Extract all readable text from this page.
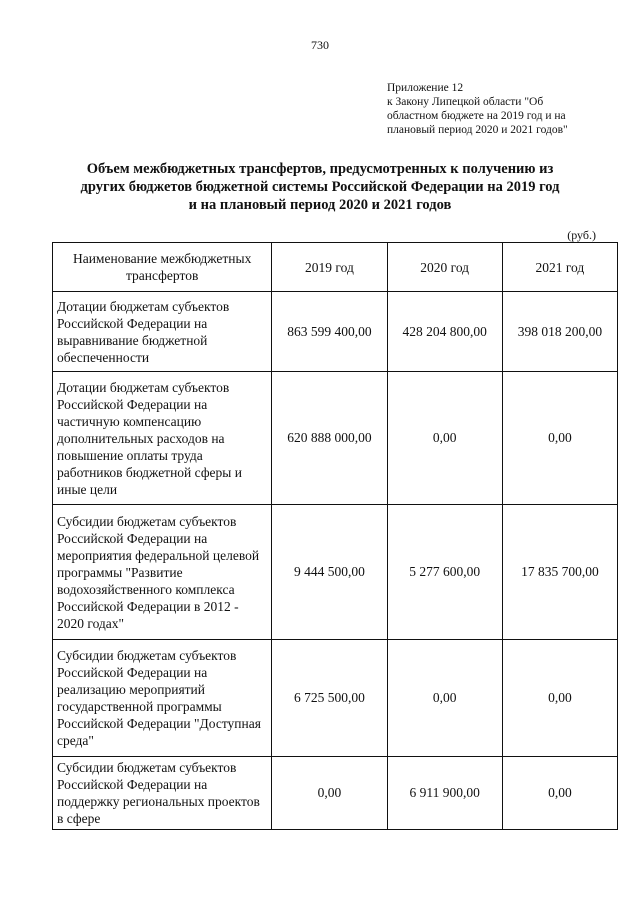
730
Приложение 12
к Закону Липецкой области "Об
областном бюджете на 2019 год и на
плановый период 2020 и 2021 годов"
Объем межбюджетных трансфертов, предусмотренных к получению из
других бюджетов бюджетной системы Российской Федерации на 2019 год
и на плановый период 2020 и 2021 годов
(руб.)
Наименование межбюджетных трансфертов	2019 год	2020 год	2021 год
Дотации бюджетам субъектов Российской Федерации на выравнивание бюджетной обеспеченности	863 599 400,00	428 204 800,00	398 018 200,00
Дотации бюджетам субъектов Российской Федерации на частичную компенсацию дополнительных расходов на повышение оплаты труда работников бюджетной сферы и иные цели	620 888 000,00	0,00	0,00
Субсидии бюджетам субъектов Российской Федерации на мероприятия федеральной целевой программы "Развитие водохозяйственного комплекса Российской Федерации в 2012 - 2020 годах"	9 444 500,00	5 277 600,00	17 835 700,00
Субсидии бюджетам субъектов Российской Федерации на реализацию мероприятий государственной программы Российской Федерации "Доступная среда"	6 725 500,00	0,00	0,00
Субсидии бюджетам субъектов Российской Федерации на поддержку региональных проектов в сфере	0,00	6 911 900,00	0,00
